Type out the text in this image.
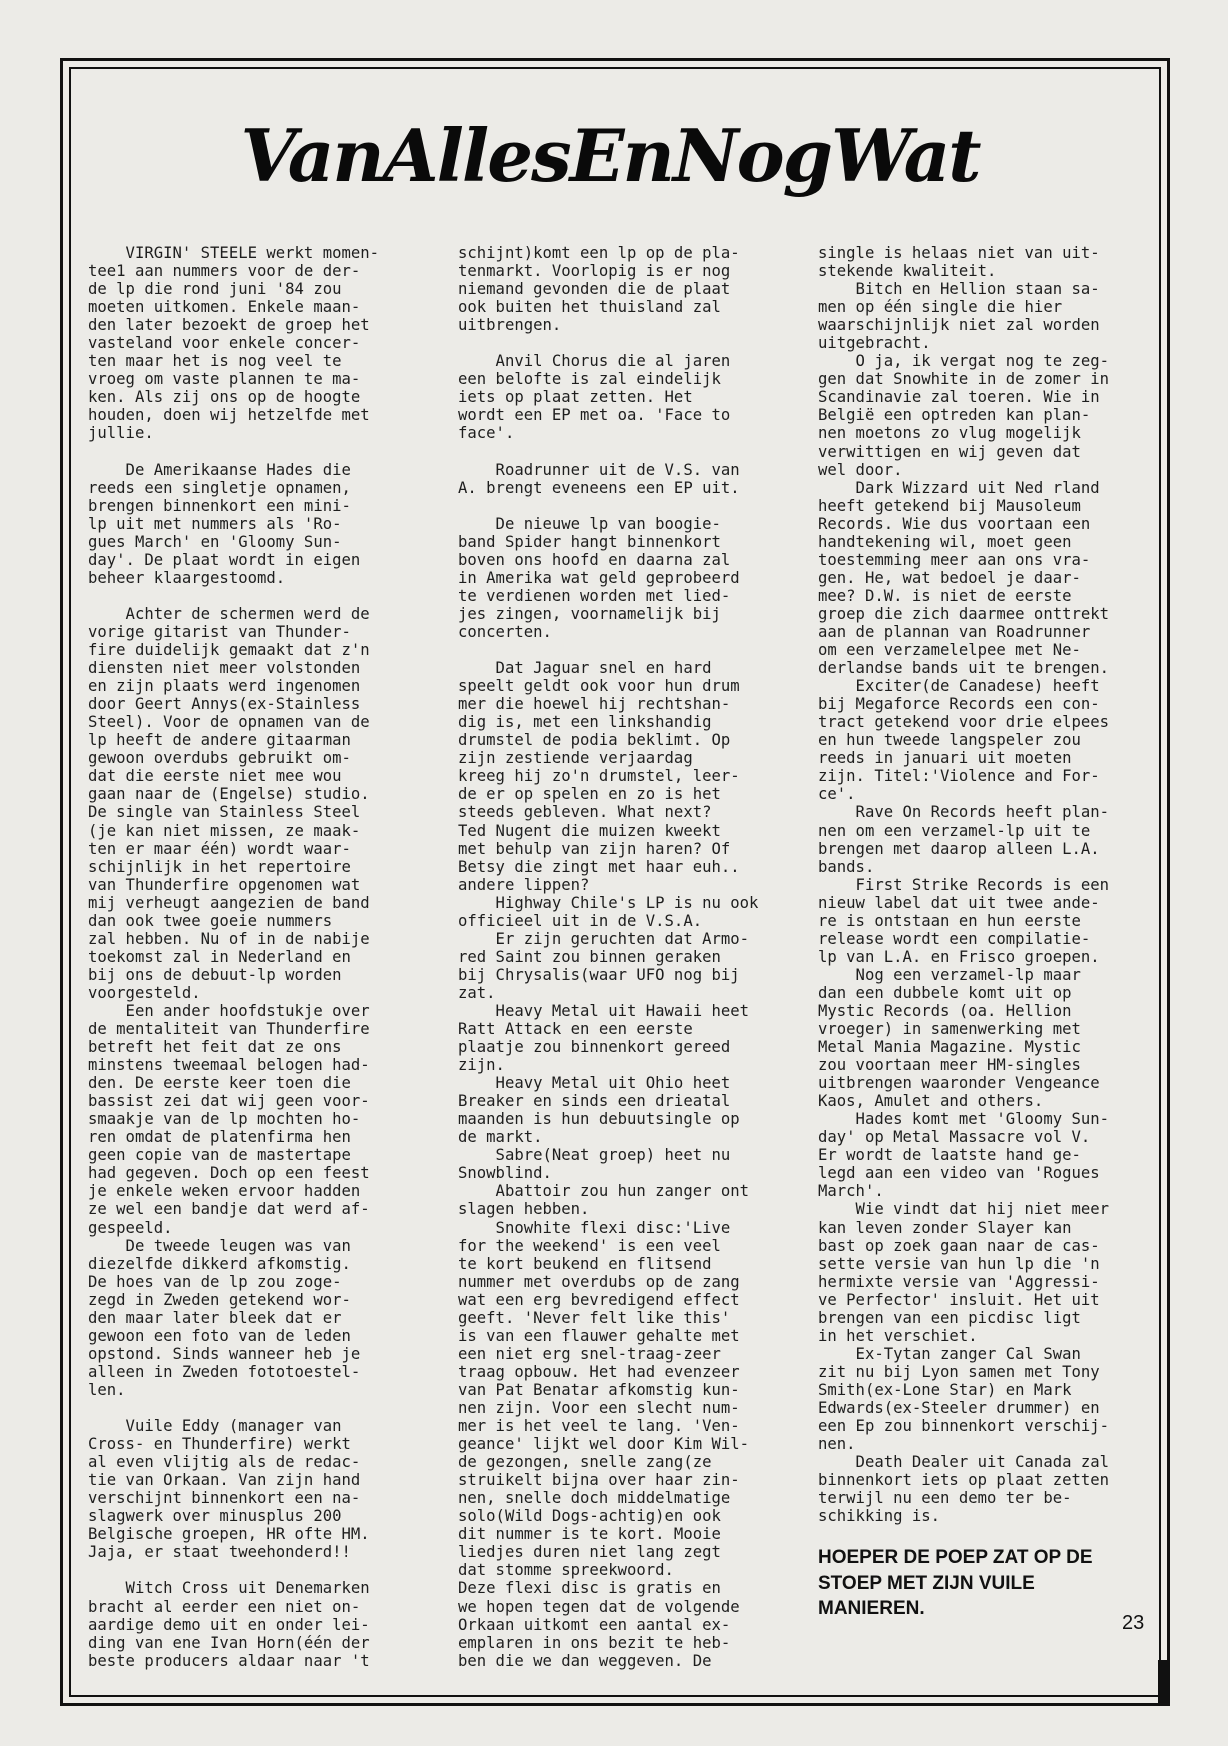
VanAllesEnNogWat
VIRGIN' STEELE werkt momen-
tee1 aan nummers voor de der-
de lp die rond juni '84 zou
moeten uitkomen. Enkele maan-
den later bezoekt de groep het
vasteland voor enkele concer-
ten maar het is nog veel te
vroeg om vaste plannen te ma-
ken. Als zij ons op de hoogte
houden, doen wij hetzelfde met
jullie.

De Amerikaanse Hades die
reeds een singletje opnamen,
brengen binnenkort een mini-
lp uit met nummers als 'Ro-
gues March' en 'Gloomy Sun-
day'. De plaat wordt in eigen
beheer klaargestoomd.

Achter de schermen werd de
vorige gitarist van Thunder-
fire duidelijk gemaakt dat z'n
diensten niet meer volstonden
en zijn plaats werd ingenomen
door Geert Annys(ex-Stainless
Steel). Voor de opnamen van de
lp heeft de andere gitaarman
gewoon overdubs gebruikt om-
dat die eerste niet mee wou
gaan naar de (Engelse) studio.
De single van Stainless Steel
(je kan niet missen, ze maak-
ten er maar één) wordt waar-
schijnlijk in het repertoire
van Thunderfire opgenomen wat
mij verheugt aangezien de band
dan ook twee goeie nummers
zal hebben. Nu of in de nabije
toekomst zal in Nederland en
bij ons de debuut-lp worden
voorgesteld.
Een ander hoofdstukje over
de mentaliteit van Thunderfire
betreft het feit dat ze ons
minstens tweemaal belogen had-
den. De eerste keer toen die
bassist zei dat wij geen voor-
smaakje van de lp mochten ho-
ren omdat de platenfirma hen
geen copie van de mastertape
had gegeven. Doch op een feest
je enkele weken ervoor hadden
ze wel een bandje dat werd af-
gespeeld.
De tweede leugen was van
diezelfde dikkerd afkomstig.
De hoes van de lp zou zoge-
zegd in Zweden getekend wor-
den maar later bleek dat er
gewoon een foto van de leden
opstond. Sinds wanneer heb je
alleen in Zweden fototoestel-
len.

Vuile Eddy (manager van
Cross- en Thunderfire) werkt
al even vlijtig als de redac-
tie van Orkaan. Van zijn hand
verschijnt binnenkort een na-
slagwerk over minusplus 200
Belgische groepen, HR ofte HM.
Jaja, er staat tweehonderd!!

Witch Cross uit Denemarken
bracht al eerder een niet on-
aardige demo uit en onder lei-
ding van ene Ivan Horn(één der
beste producers aldaar naar 't
schijnt)komt een lp op de pla-
tenmarkt. Voorlopig is er nog
niemand gevonden die de plaat
ook buiten het thuisland zal
uitbrengen.

Anvil Chorus die al jaren
een belofte is zal eindelijk
iets op plaat zetten. Het
wordt een EP met oa. 'Face to
face'.

Roadrunner uit de V.S. van
A. brengt eveneens een EP uit.

De nieuwe lp van boogie-
band Spider hangt binnenkort
boven ons hoofd en daarna zal
in Amerika wat geld geprobeerd
te verdienen worden met lied-
jes zingen, voornamelijk bij
concerten.

Dat Jaguar snel en hard
speelt geldt ook voor hun drum
mer die hoewel hij rechtshan-
dig is, met een linkshandig
drumstel de podia beklimt. Op
zijn zestiende verjaardag
kreeg hij zo'n drumstel, leer-
de er op spelen en zo is het
steeds gebleven. What next?
Ted Nugent die muizen kweekt
met behulp van zijn haren? Of
Betsy die zingt met haar euh..
andere lippen?
Highway Chile's LP is nu ook
officieel uit in de V.S.A.
Er zijn geruchten dat Armo-
red Saint zou binnen geraken
bij Chrysalis(waar UFO nog bij
zat.
Heavy Metal uit Hawaii heet
Ratt Attack en een eerste
plaatje zou binnenkort gereed
zijn.
Heavy Metal uit Ohio heet
Breaker en sinds een drieatal
maanden is hun debuutsingle op
de markt.
Sabre(Neat groep) heet nu
Snowblind.
Abattoir zou hun zanger ont
slagen hebben.
Snowhite flexi disc:'Live
for the weekend' is een veel
te kort beukend en flitsend
nummer met overdubs op de zang
wat een erg bevredigend effect
geeft. 'Never felt like this'
is van een flauwer gehalte met
een niet erg snel-traag-zeer
traag opbouw. Het had evenzeer
van Pat Benatar afkomstig kun-
nen zijn. Voor een slecht num-
mer is het veel te lang. 'Ven-
geance' lijkt wel door Kim Wil-
de gezongen, snelle zang(ze
struikelt bijna over haar zin-
nen, snelle doch middelmatige
solo(Wild Dogs-achtig)en ook
dit nummer is te kort. Mooie
liedjes duren niet lang zegt
dat stomme spreekwoord.
Deze flexi disc is gratis en
we hopen tegen dat de volgende
Orkaan uitkomt een aantal ex-
emplaren in ons bezit te heb-
ben die we dan weggeven. De
single is helaas niet van uit-
stekende kwaliteit.
Bitch en Hellion staan sa-
men op één single die hier
waarschijnlijk niet zal worden
uitgebracht.
O ja, ik vergat nog te zeg-
gen dat Snowhite in de zomer in
Scandinavie zal toeren. Wie in
België een optreden kan plan-
nen moetons zo vlug mogelijk
verwittigen en wij geven dat
wel door.
Dark Wizzard uit Ned rland
heeft getekend bij Mausoleum
Records. Wie dus voortaan een
handtekening wil, moet geen
toestemming meer aan ons vra-
gen. He, wat bedoel je daar-
mee? D.W. is niet de eerste
groep die zich daarmee onttrekt
aan de plannan van Roadrunner
om een verzamelelpee met Ne-
derlandse bands uit te brengen.
Exciter(de Canadese) heeft
bij Megaforce Records een con-
tract getekend voor drie elpees
en hun tweede langspeler zou
reeds in januari uit moeten
zijn. Titel:'Violence and For-
ce'.
Rave On Records heeft plan-
nen om een verzamel-lp uit te
brengen met daarop alleen L.A.
bands.
First Strike Records is een
nieuw label dat uit twee ande-
re is ontstaan en hun eerste
release wordt een compilatie-
lp van L.A. en Frisco groepen.
Nog een verzamel-lp maar
dan een dubbele komt uit op
Mystic Records (oa. Hellion
vroeger) in samenwerking met
Metal Mania Magazine. Mystic
zou voortaan meer HM-singles
uitbrengen waaronder Vengeance
Kaos, Amulet and others.
Hades komt met 'Gloomy Sun-
day' op Metal Massacre vol V.
Er wordt de laatste hand ge-
legd aan een video van 'Rogues
March'.
Wie vindt dat hij niet meer
kan leven zonder Slayer kan
bast op zoek gaan naar de cas-
sette versie van hun lp die 'n
hermixte versie van 'Aggressi-
ve Perfector' insluit. Het uit
brengen van een picdisc ligt
in het verschiet.
Ex-Tytan zanger Cal Swan
zit nu bij Lyon samen met Tony
Smith(ex-Lone Star) en Mark
Edwards(ex-Steeler drummer) en
een Ep zou binnenkort verschij-
nen.
Death Dealer uit Canada zal
binnenkort iets op plaat zetten
terwijl nu een demo ter be-
schikking is.
HOEPER DE POEP ZAT OP DE
STOEP MET ZIJN VUILE
MANIEREN.
23
